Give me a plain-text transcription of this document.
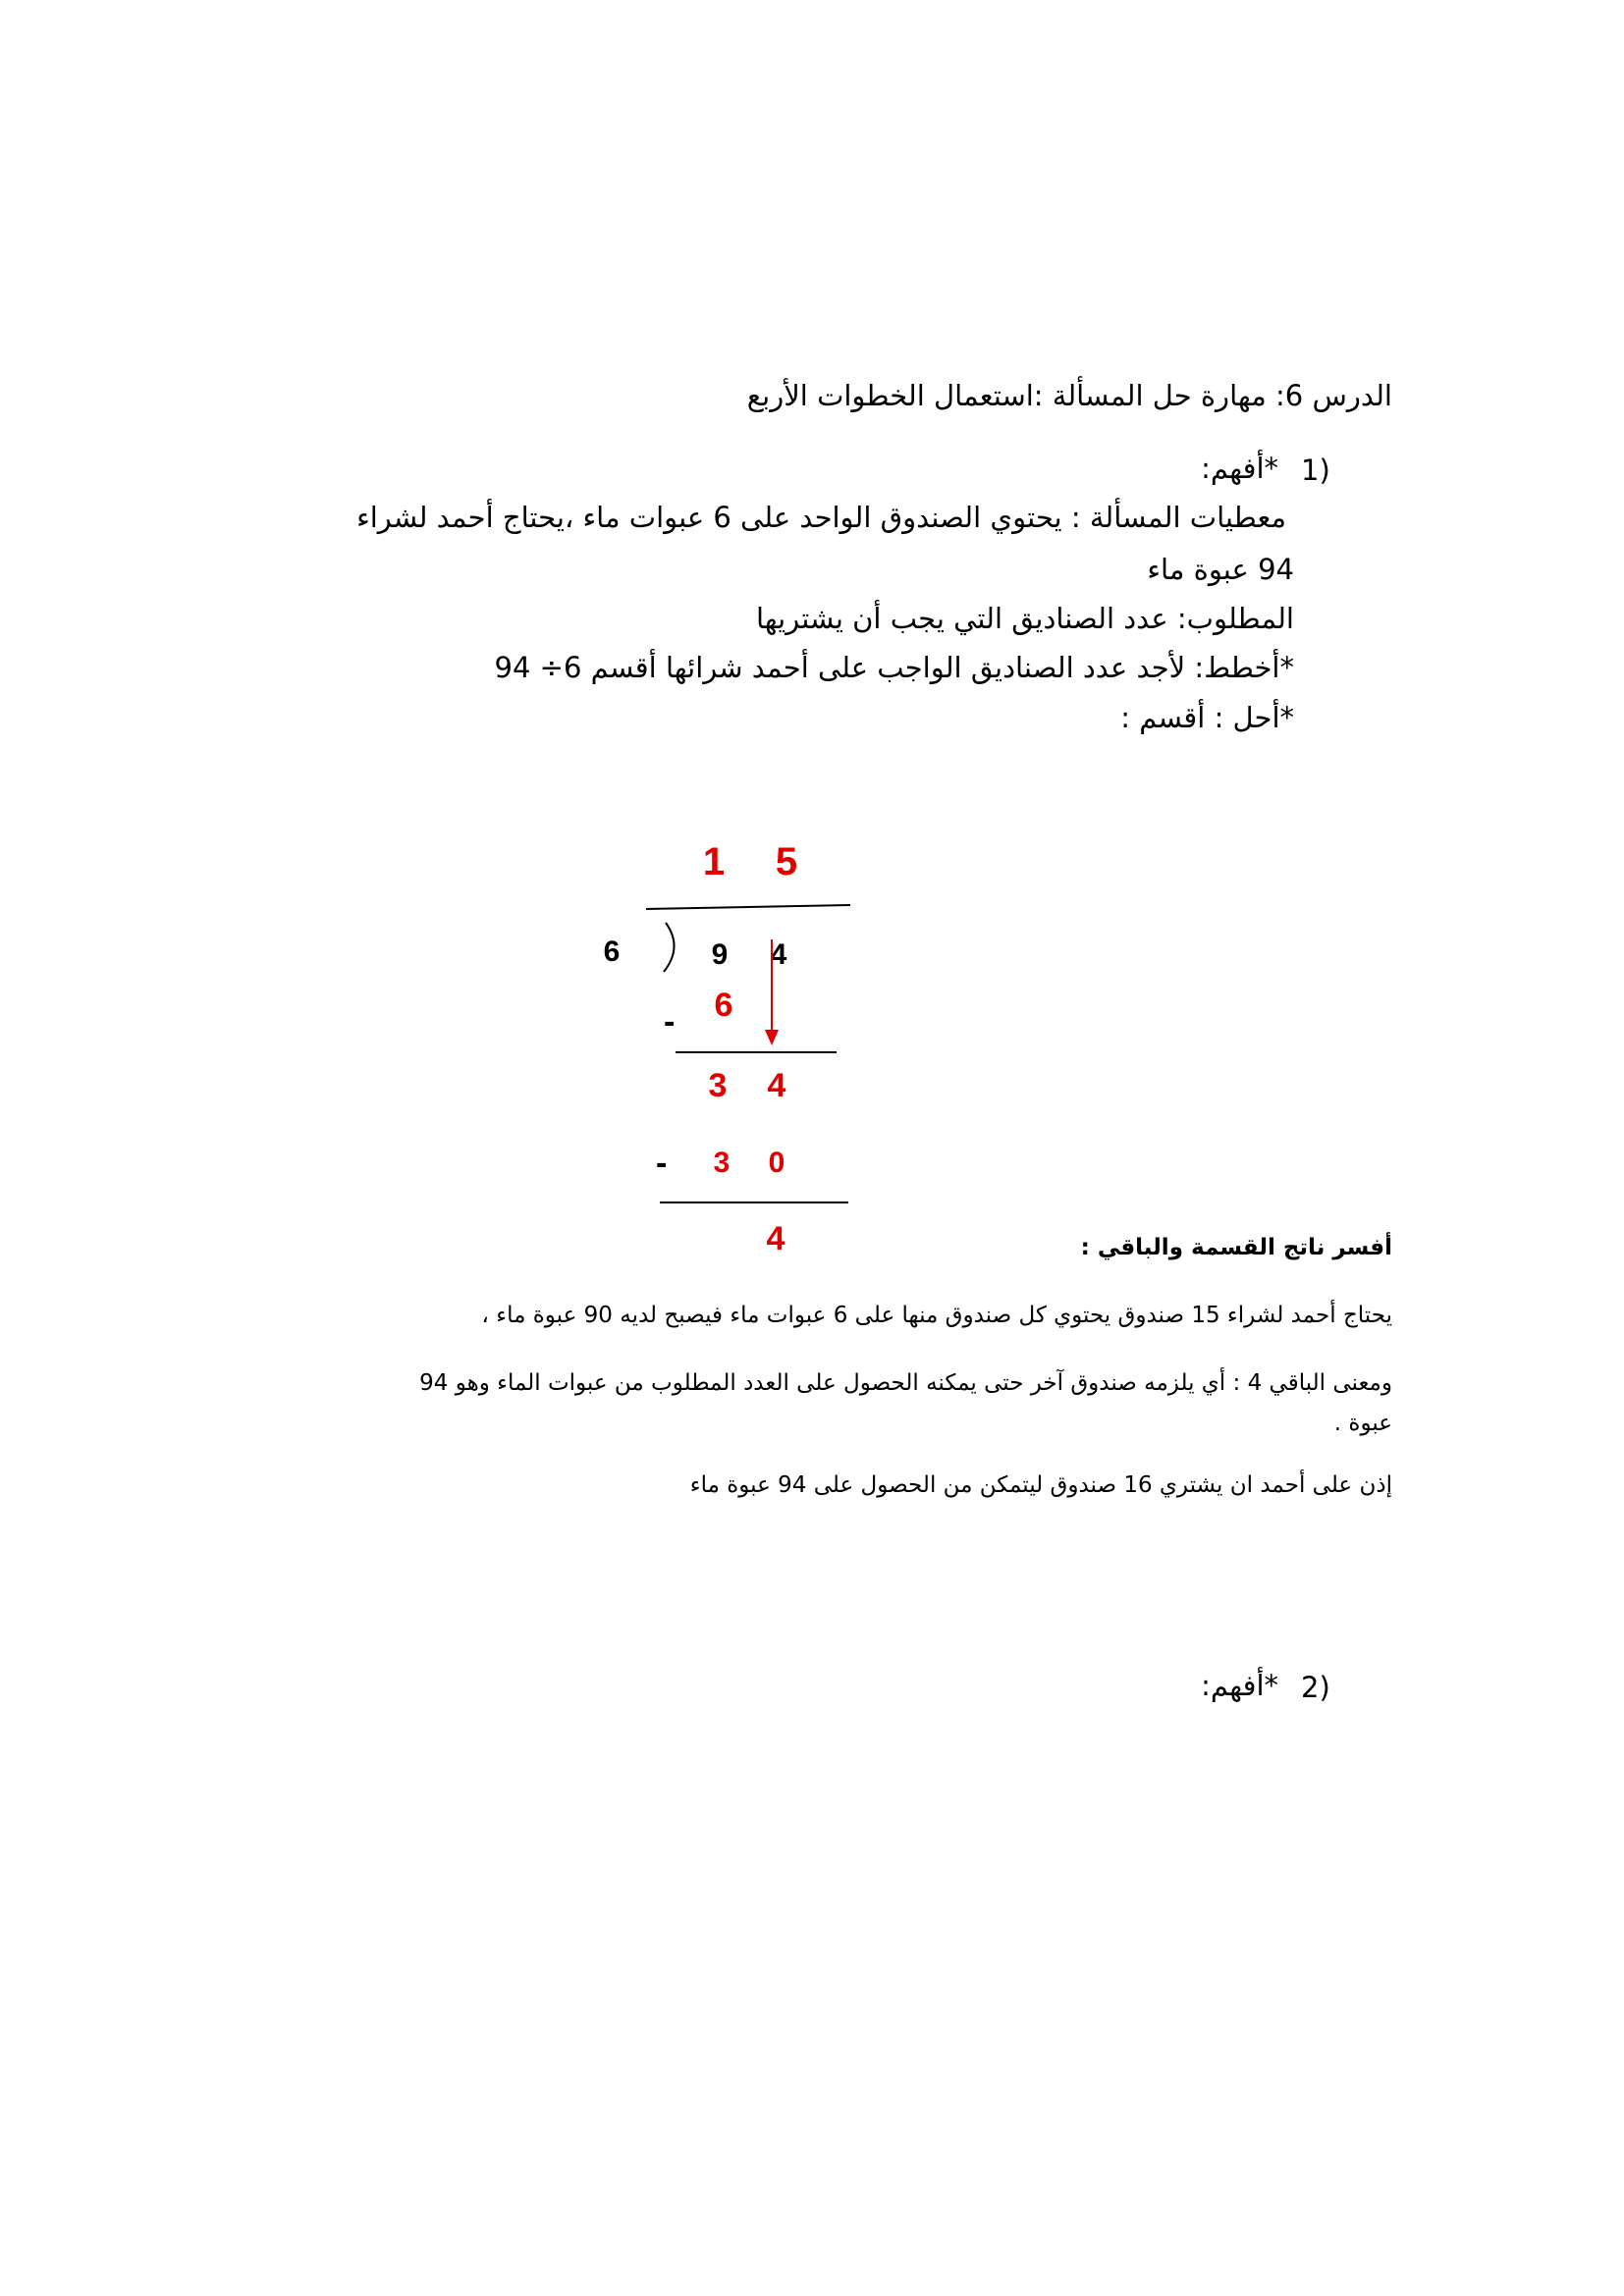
الدرس 6: مهارة حل المسألة :استعمال الخطوات الأربع
1)
*أفهم:
معطيات المسألة : يحتوي الصندوق الواحد على 6 عبوات ماء ،يحتاج أحمد لشراء
94 عبوة ماء
المطلوب: عدد الصناديق التي يجب أن يشتريها
*أخطط: لأجد عدد الصناديق الواجب على أحمد شرائها أقسم 6÷ 94
*أحل : أقسم :
1 5
6	9 4
6
-
3 4
- 3 0
4	أفسر ناتج القسمة والباقي :
يحتاج أحمد لشراء 15 صندوق يحتوي كل صندوق منها على 6 عبوات ماء فيصبح لديه 90 عبوة ماء ،
ومعنى الباقي 4 : أي يلزمه صندوق آخر حتى يمكنه الحصول على العدد المطلوب من عبوات الماء وهو 94
عبوة .
إذن على أحمد ان يشتري 16 صندوق ليتمكن من الحصول على 94 عبوة ماء
2)
*أفهم:
